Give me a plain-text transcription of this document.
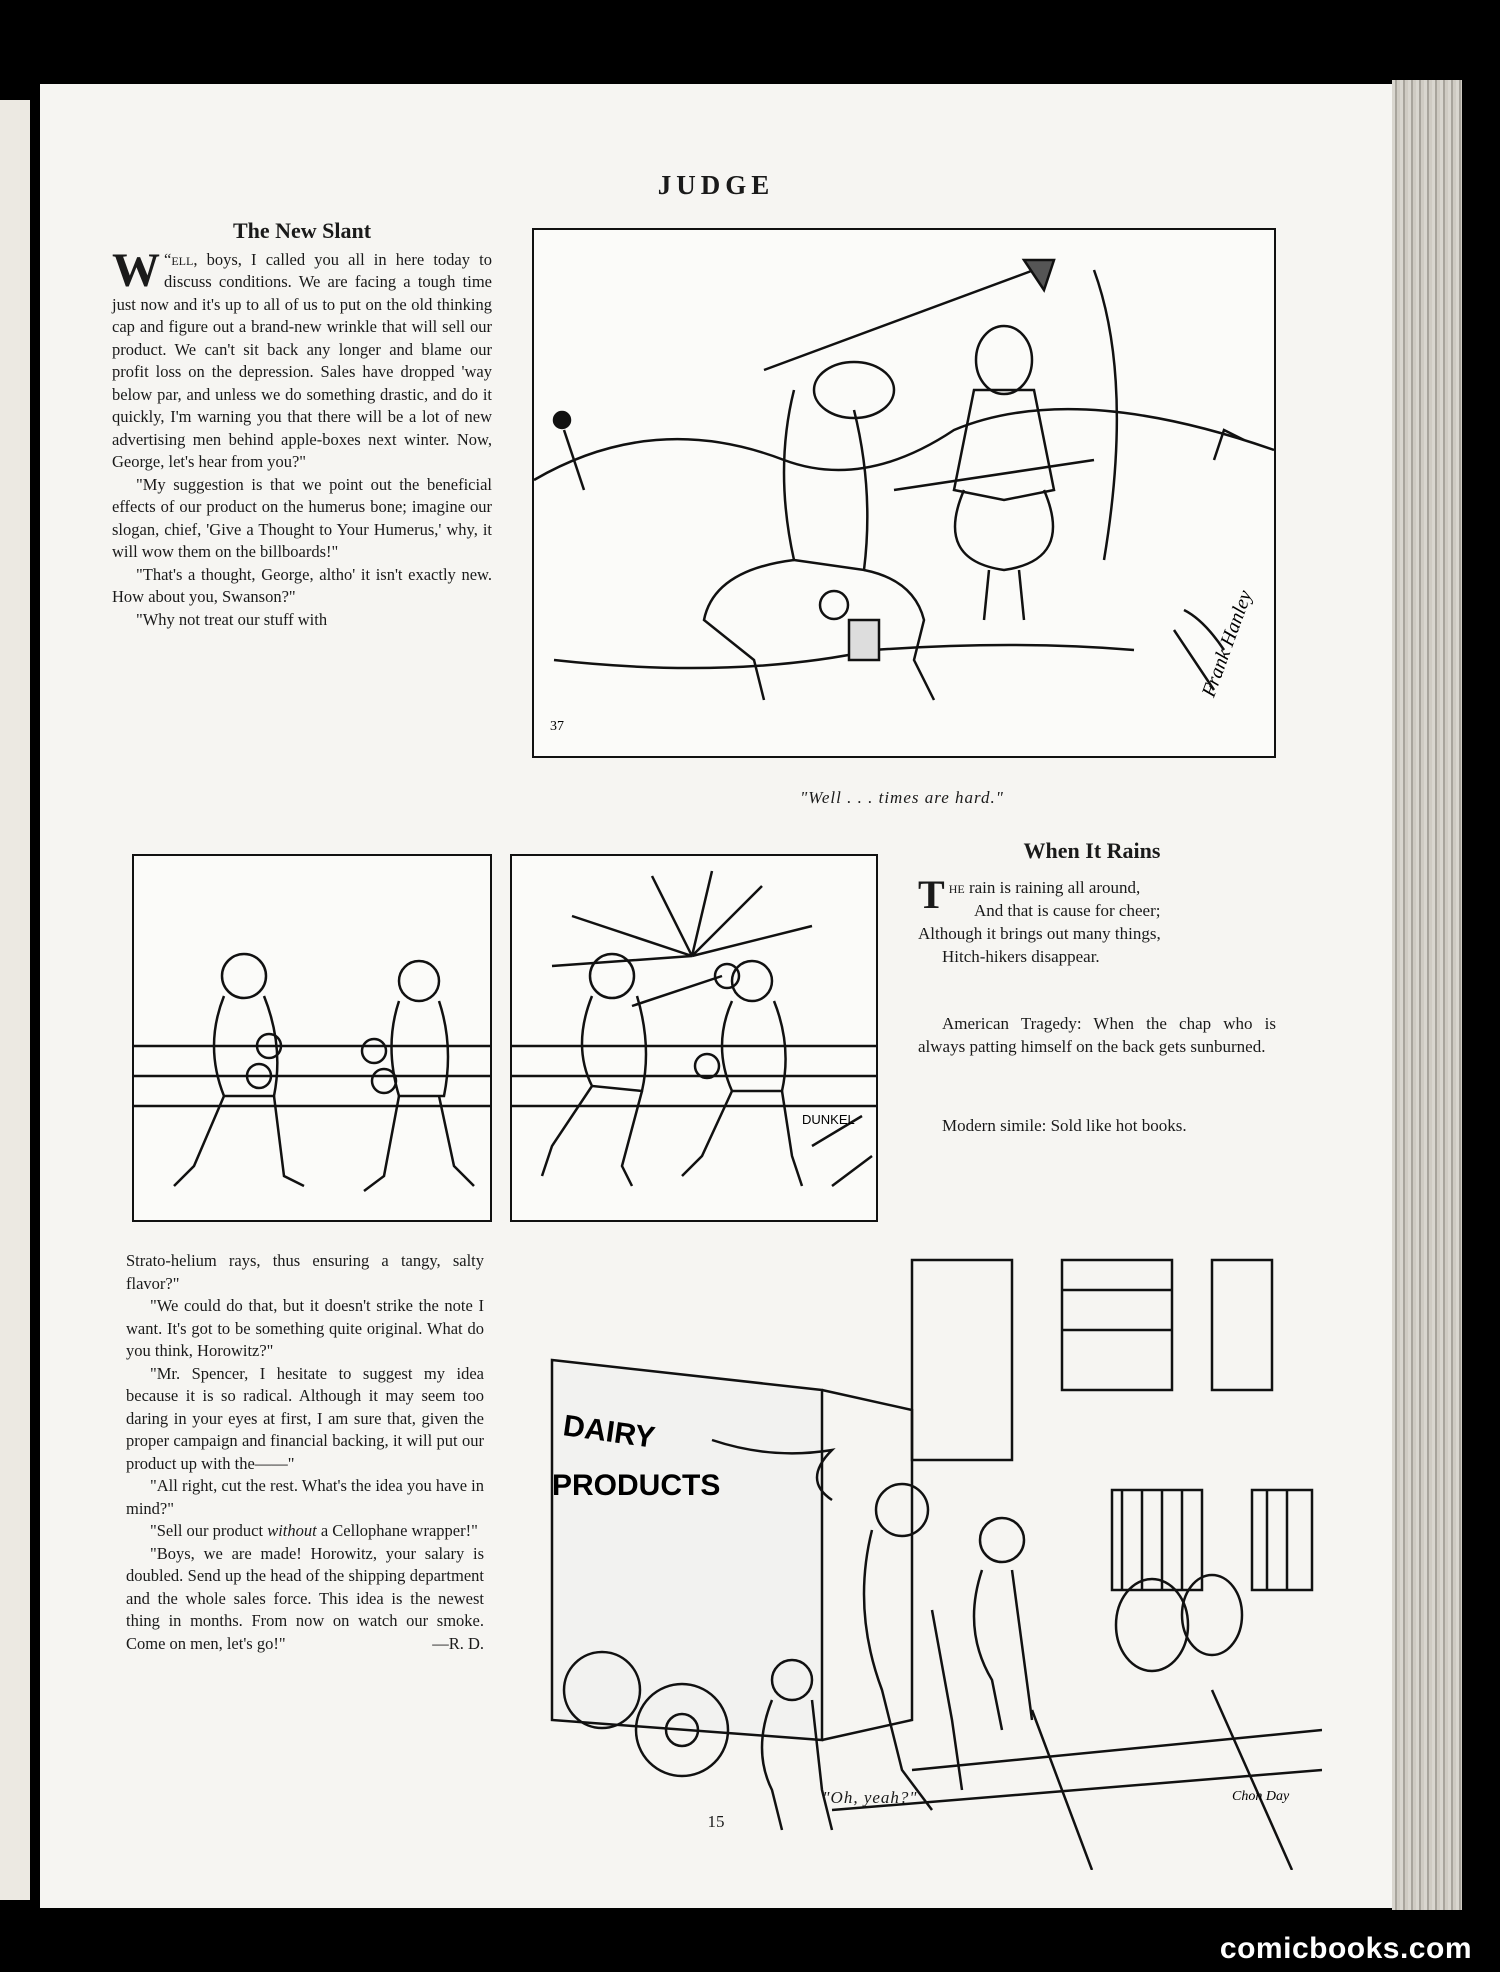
JUDGE
The New Slant

“
W ell, boys, I called you all in here today to discuss conditions. We are facing a tough time just now and it's up to all of us to put on the old thinking cap and figure out a brand-new wrinkle that will sell our product. We can't sit back any longer and blame our profit loss on the depression. Sales have dropped 'way below par, and unless we do something drastic, and do it quickly, I'm warning you that there will be a lot of new advertising men behind apple-boxes next winter. Now, George, let's hear from you?"

"My suggestion is that we point out the beneficial effects of our product on the humerus bone; imagine our slogan, chief, 'Give a Thought to Your Humerus,' why, it will wow them on the billboards!"

"That's a thought, George, altho' it isn't exactly new. How about you, Swanson?"

"Why not treat our stuff with

37
Frank Hanley
"Well . . . times are hard."
When It Rains
The rain is raining all around,
And that is cause for cheer;
Although it brings out many things,
Hitch-hikers disappear.

American Tragedy: When the chap who is always patting himself on the back gets sunburned.

Modern simile: Sold like hot books.

DUNKEL

Strato-helium rays, thus ensuring a tangy, salty flavor?"

"We could do that, but it doesn't strike the note I want. It's got to be something quite original. What do you think, Horowitz?"

"Mr. Spencer, I hesitate to suggest my idea because it is so radical. Although it may seem too daring in your eyes at first, I am sure that, given the proper campaign and financial backing, it will put our product up with the——"

"All right, cut the rest. What's the idea you have in mind?"

"Sell our product without a Cellophane wrapper!"

"Boys, we are made! Horowitz, your salary is doubled. Send up the head of the shipping department and the whole sales force. This idea is the newest thing in months. From now on watch our smoke. Come on men, let's go!"	—R. D.

DAIRY
PRODUCTS
Chon Day
"Oh, yeah?"
15
comicbooks.com
